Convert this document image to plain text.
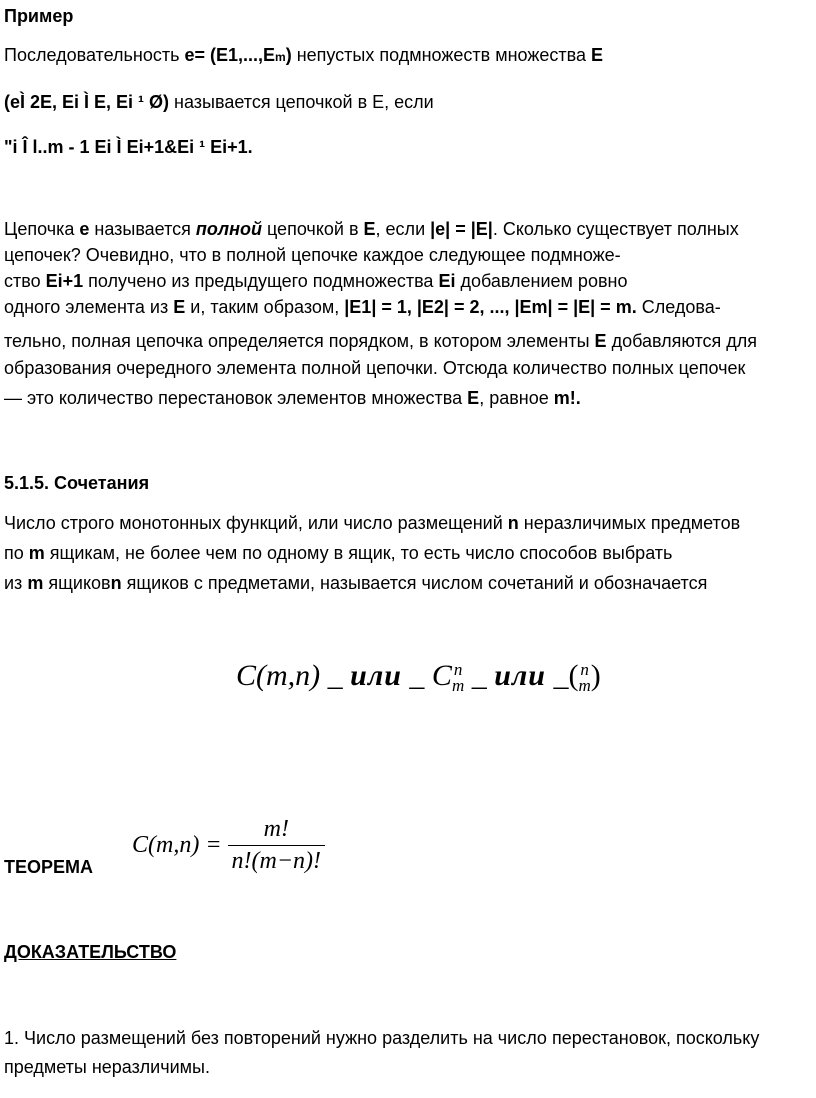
Пример
Последовательность e= (E1,...,Em) непустых подмножеств множества E
(eÌ 2E, Ei Ì E, Ei ¹ Ø) называется цепочкой в Е, если
"i Î l..m - 1 Ei Ì Ei+1&Ei ¹ Ei+1.
Цепочка e называется полной цепочкой в E, если |e| = |E|. Сколько существует полных
цепочек? Очевидно, что в полной цепочке каждое следующее подмноже-
ство Ei+1 получено из предыдущего подмножества Ei добавлением ровно
одного элемента из E и, таким образом, |E1| = 1, |E2| = 2, ..., |Em| = |E| = m. Следова-
тельно, полная цепочка определяется порядком, в котором элементы E добавляются для
образования очередного элемента полной цепочки. Отсюда количество полных цепочек
— это количество перестановок элементов множества E, равное m!.
5.1.5. Сочетания
Число строго монотонных функций, или число размещений n неразличимых предметов
по m ящикам, не более чем по одному в ящик, то есть число способов выбрать
из m ящиковn ящиков с предметами, называется числом сочетаний и обозначается
C(m,n) _ или _ C n
m _ или _( n
m)
$C(m,n) = \frac{m!}{n!(m-n)!}$
ТЕОРЕМА
ДОКАЗАТЕЛЬСТВО
1. Число размещений без повторений нужно разделить на число перестановок, поскольку
предметы неразличимы.
